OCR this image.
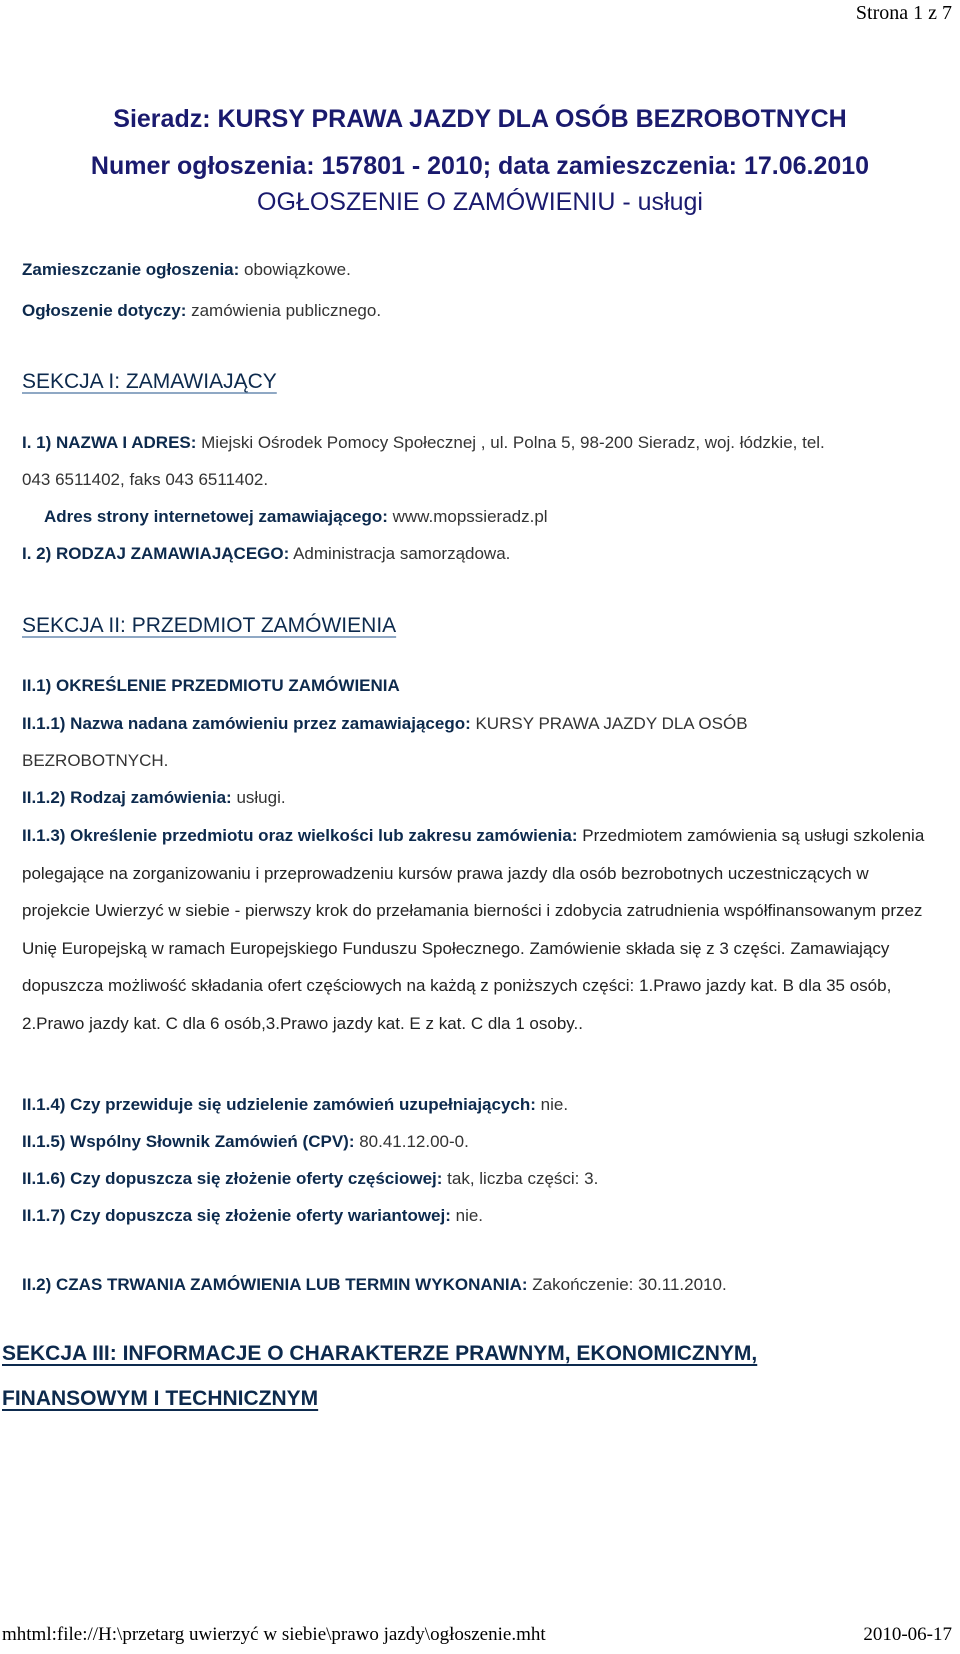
Strona 1 z 7
Sieradz: KURSY PRAWA JAZDY DLA OSÓB BEZROBOTNYCH
Numer ogłoszenia: 157801 - 2010; data zamieszczenia: 17.06.2010
OGŁOSZENIE O ZAMÓWIENIU - usługi
Zamieszczanie ogłoszenia: obowiązkowe.
Ogłoszenie dotyczy: zamówienia publicznego.
SEKCJA I: ZAMAWIAJĄCY
I. 1) NAZWA I ADRES: Miejski Ośrodek Pomocy Społecznej , ul. Polna 5, 98-200 Sieradz, woj. łódzkie, tel.
043 6511402, faks 043 6511402.
Adres strony internetowej zamawiającego: www.mopssieradz.pl
I. 2) RODZAJ ZAMAWIAJĄCEGO: Administracja samorządowa.
SEKCJA II: PRZEDMIOT ZAMÓWIENIA
II.1) OKREŚLENIE PRZEDMIOTU ZAMÓWIENIA
II.1.1) Nazwa nadana zamówieniu przez zamawiającego: KURSY PRAWA JAZDY DLA OSÓB
BEZROBOTNYCH.
II.1.2) Rodzaj zamówienia: usługi.
II.1.3) Określenie przedmiotu oraz wielkości lub zakresu zamówienia: Przedmiotem zamówienia są usługi szkolenia polegające na zorganizowaniu i przeprowadzeniu kursów prawa jazdy dla osób bezrobotnych uczestniczących w projekcie Uwierzyć w siebie - pierwszy krok do przełamania bierności i zdobycia zatrudnienia współfinansowanym przez Unię Europejską w ramach Europejskiego Funduszu Społecznego. Zamówienie składa się z 3 części. Zamawiający dopuszcza możliwość składania ofert częściowych na każdą z poniższych części: 1.Prawo jazdy kat. B dla 35 osób, 2.Prawo jazdy kat. C dla 6 osób,3.Prawo jazdy kat. E z kat. C dla 1 osoby..
II.1.4) Czy przewiduje się udzielenie zamówień uzupełniających: nie.
II.1.5) Wspólny Słownik Zamówień (CPV): 80.41.12.00-0.
II.1.6) Czy dopuszcza się złożenie oferty częściowej: tak, liczba części: 3.
II.1.7) Czy dopuszcza się złożenie oferty wariantowej: nie.
II.2) CZAS TRWANIA ZAMÓWIENIA LUB TERMIN WYKONANIA: Zakończenie: 30.11.2010.
SEKCJA III: INFORMACJE O CHARAKTERZE PRAWNYM, EKONOMICZNYM,
FINANSOWYM I TECHNICZNYM
mhtml:file://H:\przetarg uwierzyć w siebie\prawo jazdy\ogłoszenie.mht	2010-06-17
